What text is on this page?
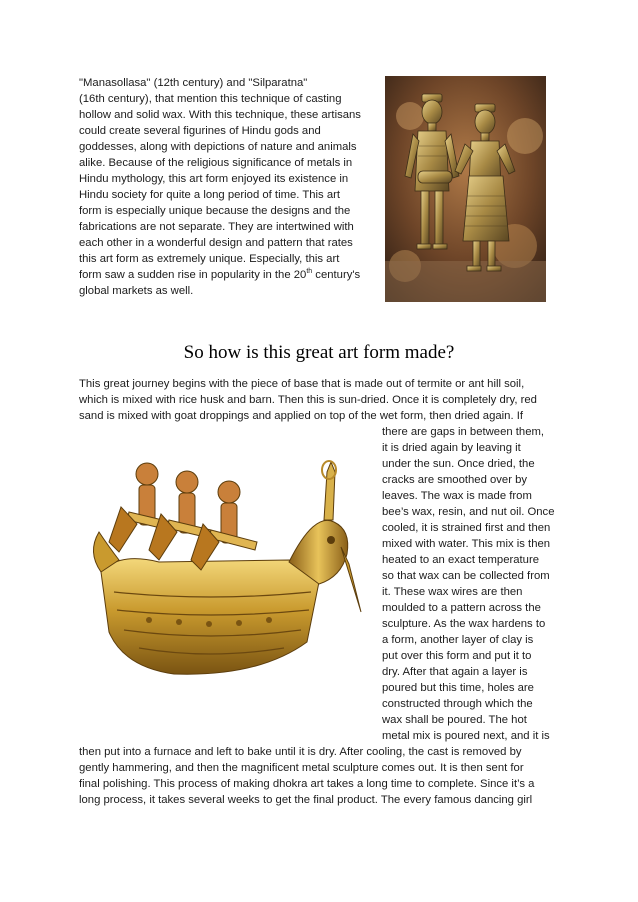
"Manasollasa" (12th century) and "Silparatna"
(16th century), that mention this technique of casting
hollow and solid wax. With this technique, these artisans
could create several figurines of Hindu gods and
goddesses, along with depictions of nature and animals
alike. Because of the religious significance of metals in
Hindu mythology, this art form enjoyed its existence in
Hindu society for quite a long period of time. This art
form is especially unique because the designs and the
fabrications are not separate. They are intertwined with
each other in a wonderful design and pattern that rates
this art form as extremely unique. Especially, this art
form saw a sudden rise in popularity in the 20th century's
global markets as well.
So how is this great art form made?
This great journey begins with the piece of base that is made out of termite or ant hill soil,
which is mixed with rice husk and barn. Then this is sun-dried. Once it is completely dry, red
sand is mixed with goat droppings and applied on top of the wet form, then dried again. If
there are gaps in between them,
it is dried again by leaving it
under the sun. Once dried, the
cracks are smoothed over by
leaves. The wax is made from
bee’s wax, resin, and nut oil. Once
cooled, it is strained first and then
mixed with water. This mix is then
heated to an exact temperature
so that wax can be collected from
it. These wax wires are then
moulded to a pattern across the
sculpture. As the wax hardens to
a form, another layer of clay is
put over this form and put it to
dry. After that again a layer is
poured but this time, holes are
constructed through which the
wax shall be poured. The hot
metal mix is poured next, and it is
then put into a furnace and left to bake until it is dry. After cooling, the cast is removed by
gently hammering, and then the magnificent metal sculpture comes out. It is then sent for
final polishing. This process of making dhokra art takes a long time to complete. Since it’s a
long process, it takes several weeks to get the final product. The every famous dancing girl
